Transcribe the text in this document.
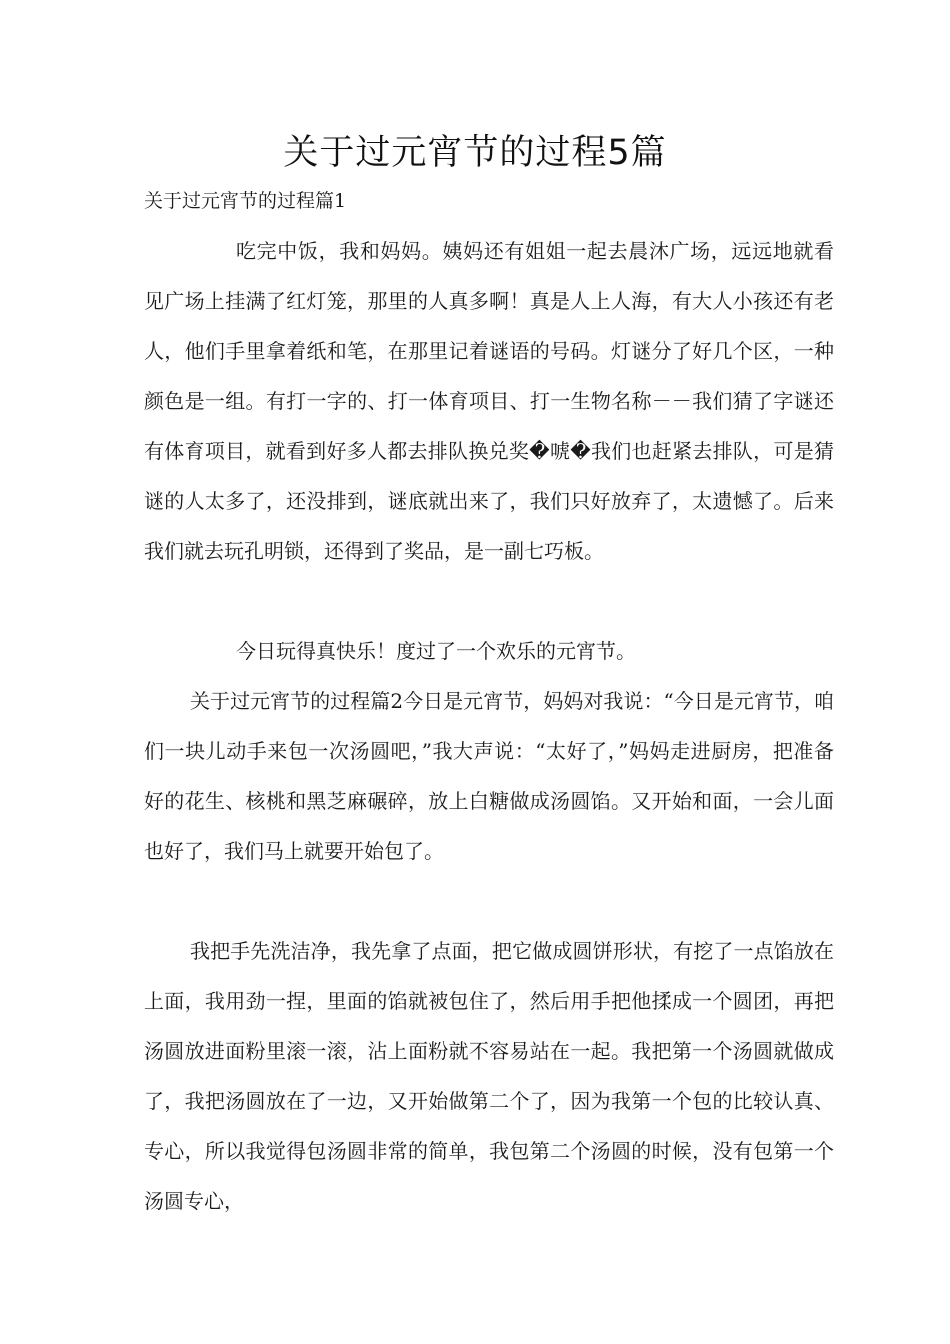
关于过元宵节的过程5篇
关于过元宵节的过程篇1

吃完中饭，我和妈妈。姨妈还有姐姐一起去晨沐广场，远远地就看见广场上挂满了红灯笼，那里的人真多啊！真是人上人海，有大人小孩还有老人，他们手里拿着纸和笔，在那里记着谜语的号码。灯谜分了好几个区，一种颜色是一组。有打一字的、打一体育项目、打一生物名称－－我们猜了字谜还有体育项目，就看到好多人都去排队换兑奖�唬�我们也赶紧去排队，可是猜谜的人太多了，还没排到，谜底就出来了，我们只好放弃了，太遗憾了。后来我们就去玩孔明锁，还得到了奖品，是一副七巧板。

今日玩得真快乐！度过了一个欢乐的元宵节。

关于过元宵节的过程篇2今日是元宵节，妈妈对我说：“今日是元宵节，咱们一块儿动手来包一次汤圆吧，”我大声说：“太好了，”妈妈走进厨房，把准备好的花生、核桃和黑芝麻碾碎，放上白糖做成汤圆馅。又开始和面，一会儿面也好了，我们马上就要开始包了。

我把手先洗洁净，我先拿了点面，把它做成圆饼形状，有挖了一点馅放在上面，我用劲一捏，里面的馅就被包住了，然后用手把他揉成一个圆团，再把汤圆放进面粉里滚一滚，沾上面粉就不容易站在一起。我把第一个汤圆就做成了，我把汤圆放在了一边，又开始做第二个了，因为我第一个包的比较认真、专心，所以我觉得包汤圆非常的简单，我包第二个汤圆的时候，没有包第一个汤圆专心，
